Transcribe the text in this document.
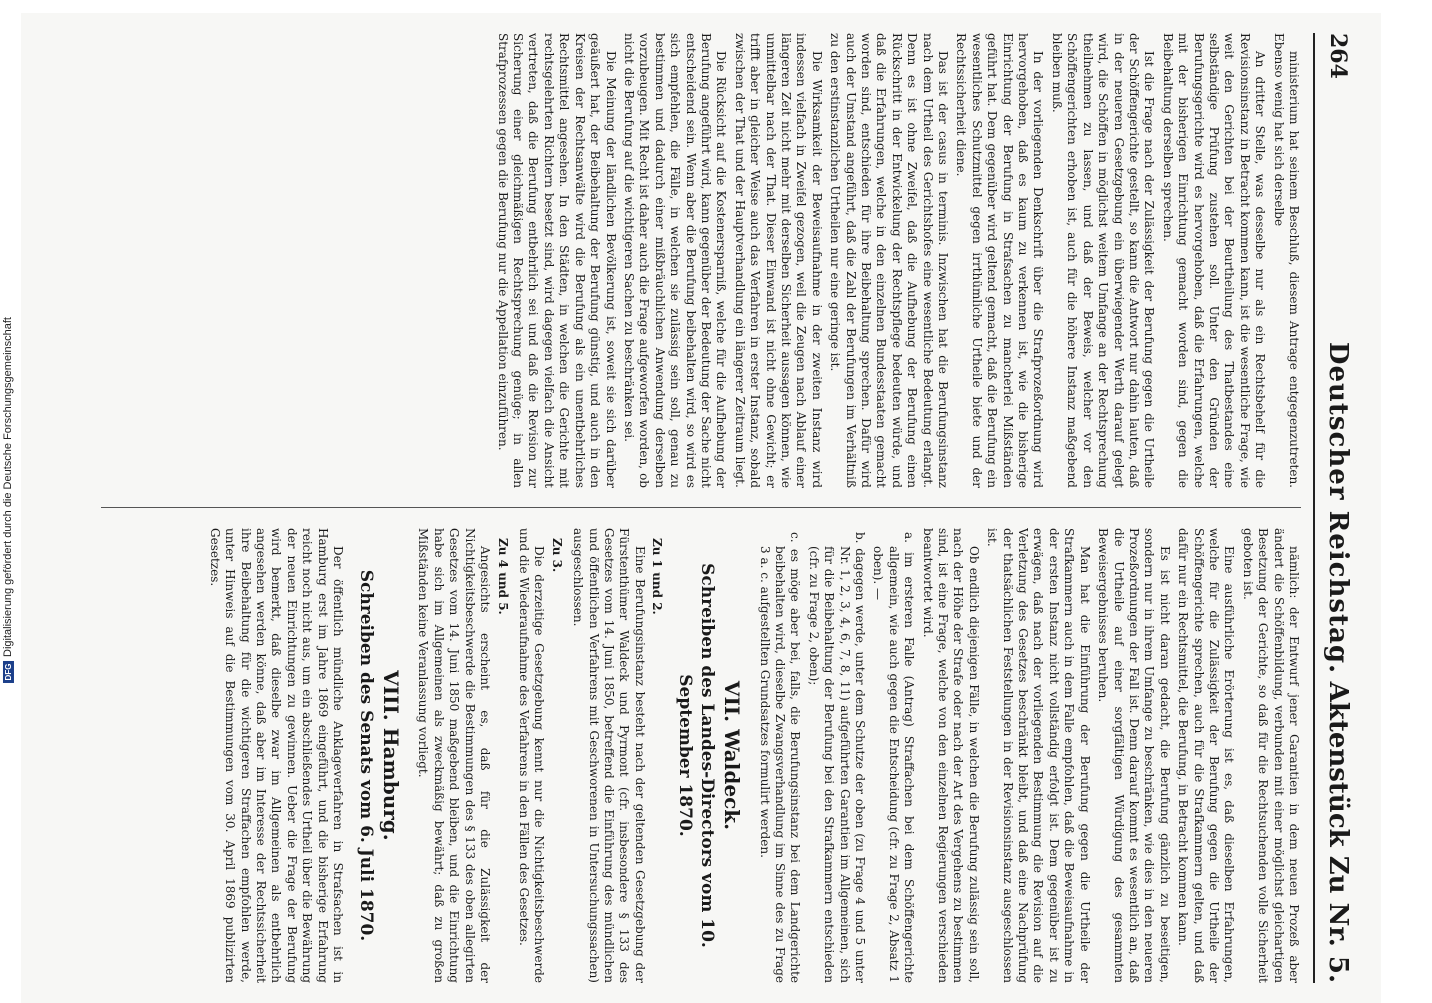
DFG
Digitalisierung gefördert durch die Deutsche Forschungsgemeinschaft
264
Deutscher Reichstag.
Aktenstück Zu Nr. 5.

ministerium hat seinem Beschluß, diesem Antrage entgegenzutreten. Ebenso wenig hat sich derselbe

An dritter Stelle, was desselbe nur als ein Rechtsbehelf für die Revisionsinstanz in Betracht kommen kann, ist die wesentliche Frage, wie weit den Gerichten bei der Beurtheilung des Thatbestandes eine selbständige Prüfung zustehen soll. Unter den Gründen der Berufungsgerichte wird es hervorgehoben, daß die Erfahrungen, welche mit der bisherigen Einrichtung gemacht worden sind, gegen die Beibehaltung derselben sprechen.

Ist die Frage nach der Zulässigkeit der Berufung gegen die Urtheile der Schöffengerichte gestellt, so kann die Antwort nur dahin lauten, daß in der neueren Gesetzgebung ein überwiegender Werth darauf gelegt wird, die Schöffen in möglichst weitem Umfange an der Rechtsprechung theilnehmen zu lassen, und daß der Beweis, welcher vor den Schöffengerichten erhoben ist, auch für die höhere Instanz maßgebend bleiben muß.

In der vorliegenden Denkschrift über die Strafprozeßordnung wird hervorgehoben, daß es kaum zu verkennen ist, wie die bisherige Einrichtung der Berufung in Strafsachen zu mancherlei Mißständen geführt hat. Dem gegenüber wird geltend gemacht, daß die Berufung ein wesentliches Schutzmittel gegen irrthümliche Urtheile biete und der Rechtssicherheit diene.

Das ist der casus in terminis. Inzwischen hat die Berufungsinstanz nach dem Urtheil des Gerichtshofes eine wesentliche Bedeutung erlangt. Denn es ist ohne Zweifel, daß die Aufhebung der Berufung einen Rückschritt in der Entwickelung der Rechtspflege bedeuten würde, und daß die Erfahrungen, welche in den einzelnen Bundesstaaten gemacht worden sind, entschieden für ihre Beibehaltung sprechen. Dafür wird auch der Umstand angeführt, daß die Zahl der Berufungen im Verhältniß zu den erstinstanzlichen Urtheilen nur eine geringe ist.

Die Wirksamkeit der Beweisaufnahme in der zweiten Instanz wird indessen vielfach in Zweifel gezogen, weil die Zeugen nach Ablauf einer längeren Zeit nicht mehr mit derselben Sicherheit aussagen können, wie unmittelbar nach der That. Dieser Einwand ist nicht ohne Gewicht; er trifft aber in gleicher Weise auch das Verfahren in erster Instanz, sobald zwischen der That und der Hauptverhandlung ein längerer Zeitraum liegt.

Die Rücksicht auf die Kostenersparniß, welche für die Aufhebung der Berufung angeführt wird, kann gegenüber der Bedeutung der Sache nicht entscheidend sein. Wenn aber die Berufung beibehalten wird, so wird es sich empfehlen, die Fälle, in welchen sie zulässig sein soll, genau zu bestimmen und dadurch einer mißbräuchlichen Anwendung derselben vorzubeugen. Mit Recht ist daher auch die Frage aufgeworfen worden, ob nicht die Berufung auf die wichtigeren Sachen zu beschränken sei.

Die Meinung der ländlichen Bevölkerung ist, soweit sie sich darüber geäußert hat, der Beibehaltung der Berufung günstig, und auch in den Kreisen der Rechtsanwälte wird die Berufung als ein unentbehrliches Rechtsmittel angesehen. In den Städten, in welchen die Gerichte mit rechtsgelehrten Richtern besetzt sind, wird dagegen vielfach die Ansicht vertreten, daß die Berufung entbehrlich sei und daß die Revision zur Sicherung einer gleichmäßigen Rechtsprechung genüge; in allen Strafprozessen gegen die Berufung nur die Appellation einzuführen.

nämlich: der Entwurf jener Garantien in dem neuen Prozeß aber ändert die Schöffenbildung, verbunden mit einer möglichst gleichartigen Besetzung der Gerichte, so daß für die Rechtsuchenden volle Sicherheit geboten ist.

Eine ausführliche Erörterung ist es, daß dieselben Erfahrungen, welche für die Zulässigkeit der Berufung gegen die Urtheile der Schöffengerichte sprechen, auch für die Strafkammern gelten, und daß dafür nur ein Rechtsmittel, die Berufung, in Betracht kommen kann.

Es ist nicht daran gedacht, die Berufung gänzlich zu beseitigen, sondern nur in ihrem Umfange zu beschränken, wie dies in den neueren Prozeßordnungen der Fall ist. Denn darauf kommt es wesentlich an, daß die Urtheile auf einer sorgfältigen Würdigung des gesammten Beweisergebnisses beruhen.

Man hat die Einführung der Berufung gegen die Urtheile der Strafkammern auch in dem Falle empfohlen, daß die Beweisaufnahme in der ersten Instanz nicht vollständig erfolgt ist. Dem gegenüber ist zu erwägen, daß nach der vorliegenden Bestimmung die Revision auf die Verletzung des Gesetzes beschränkt bleibt, und daß eine Nachprüfung der thatsächlichen Feststellungen in der Revisionsinstanz ausgeschlossen ist.

Ob endlich diejenigen Fälle, in welchen die Berufung zulässig sein soll, nach der Höhe der Strafe oder nach der Art des Vergehens zu bestimmen sind, ist eine Frage, welche von den einzelnen Regierungen verschieden beantwortet wird.

a. im ersteren Falle (Antrag) Straffachen bei dem Schöffengerichte allgemein, wie auch gegen die Entscheidung (cfr. zu Frage 2, Absatz 1 oben). —

b. dagegen werde, unter dem Schutze der oben (zu Frage 4 und 5 unter Nr. 1, 2, 3, 4, 6, 7, 8, 11) aufgeführten Garantien im Allgemeinen, sich für die Beibehaltung der Berufung bei den Strafkammern entschieden (cfr. zu Frage 2, oben);

c. es möge aber bei, falls, die Berufungsinstanz bei dem Landgerichte beibehalten wird, dieselbe Zwangsverhandlung im Sinne des zu Frage 3 a. c. aufgestellten Grundsatzes formulirt werden.

VII. Waldeck.
Schreiben des Landes-Directors vom 10. September 1870.
Zu 1 und 2.

Eine Berufungsinstanz besteht nach der geltenden Gesetzgebung der Fürstenthümer Waldeck und Pyrmont (cfr. insbesondere § 133 des Gesetzes vom 14. Juni 1850, betreffend die Einführung des mündlichen und öffentlichen Verfahrens mit Geschworenen in Untersuchungssachen) ausgeschlossen.

Zu 3.

Die derzeitige Gesetzgebung kennt nur die Nichtigkeitsbeschwerde und die Wiederaufnahme des Verfahrens in den Fällen des Gesetzes.

Zu 4 und 5.

Angesichts erscheint es, daß für die Zulässigkeit der Nichtigkeitsbeschwerde die Bestimmungen des § 133 des oben allegirten Gesetzes vom 14. Juni 1850 maßgebend bleiben, und die Einrichtung habe sich im Allgemeinen als zweckmäßig bewährt; daß zu großen Mißständen keine Veranlassung vorliegt.

VIII. Hamburg.
Schreiben des Senats vom 6. Juli 1870.

Der öffentlich mündliche Anklageverfahren in Strafsachen ist in Hamburg erst im Jahre 1869 eingeführt, und die bisherige Erfahrung reicht noch nicht aus, um ein abschließendes Urtheil über die Bewährung der neuen Einrichtungen zu gewinnen. Ueber die Frage der Berufung wird bemerkt, daß dieselbe zwar im Allgemeinen als entbehrlich angesehen werden könne, daß aber im Interesse der Rechtssicherheit ihre Beibehaltung für die wichtigeren Straffachen empfohlen werde, unter Hinweis auf die Bestimmungen vom 30. April 1869 publizirten Gesetzes.
